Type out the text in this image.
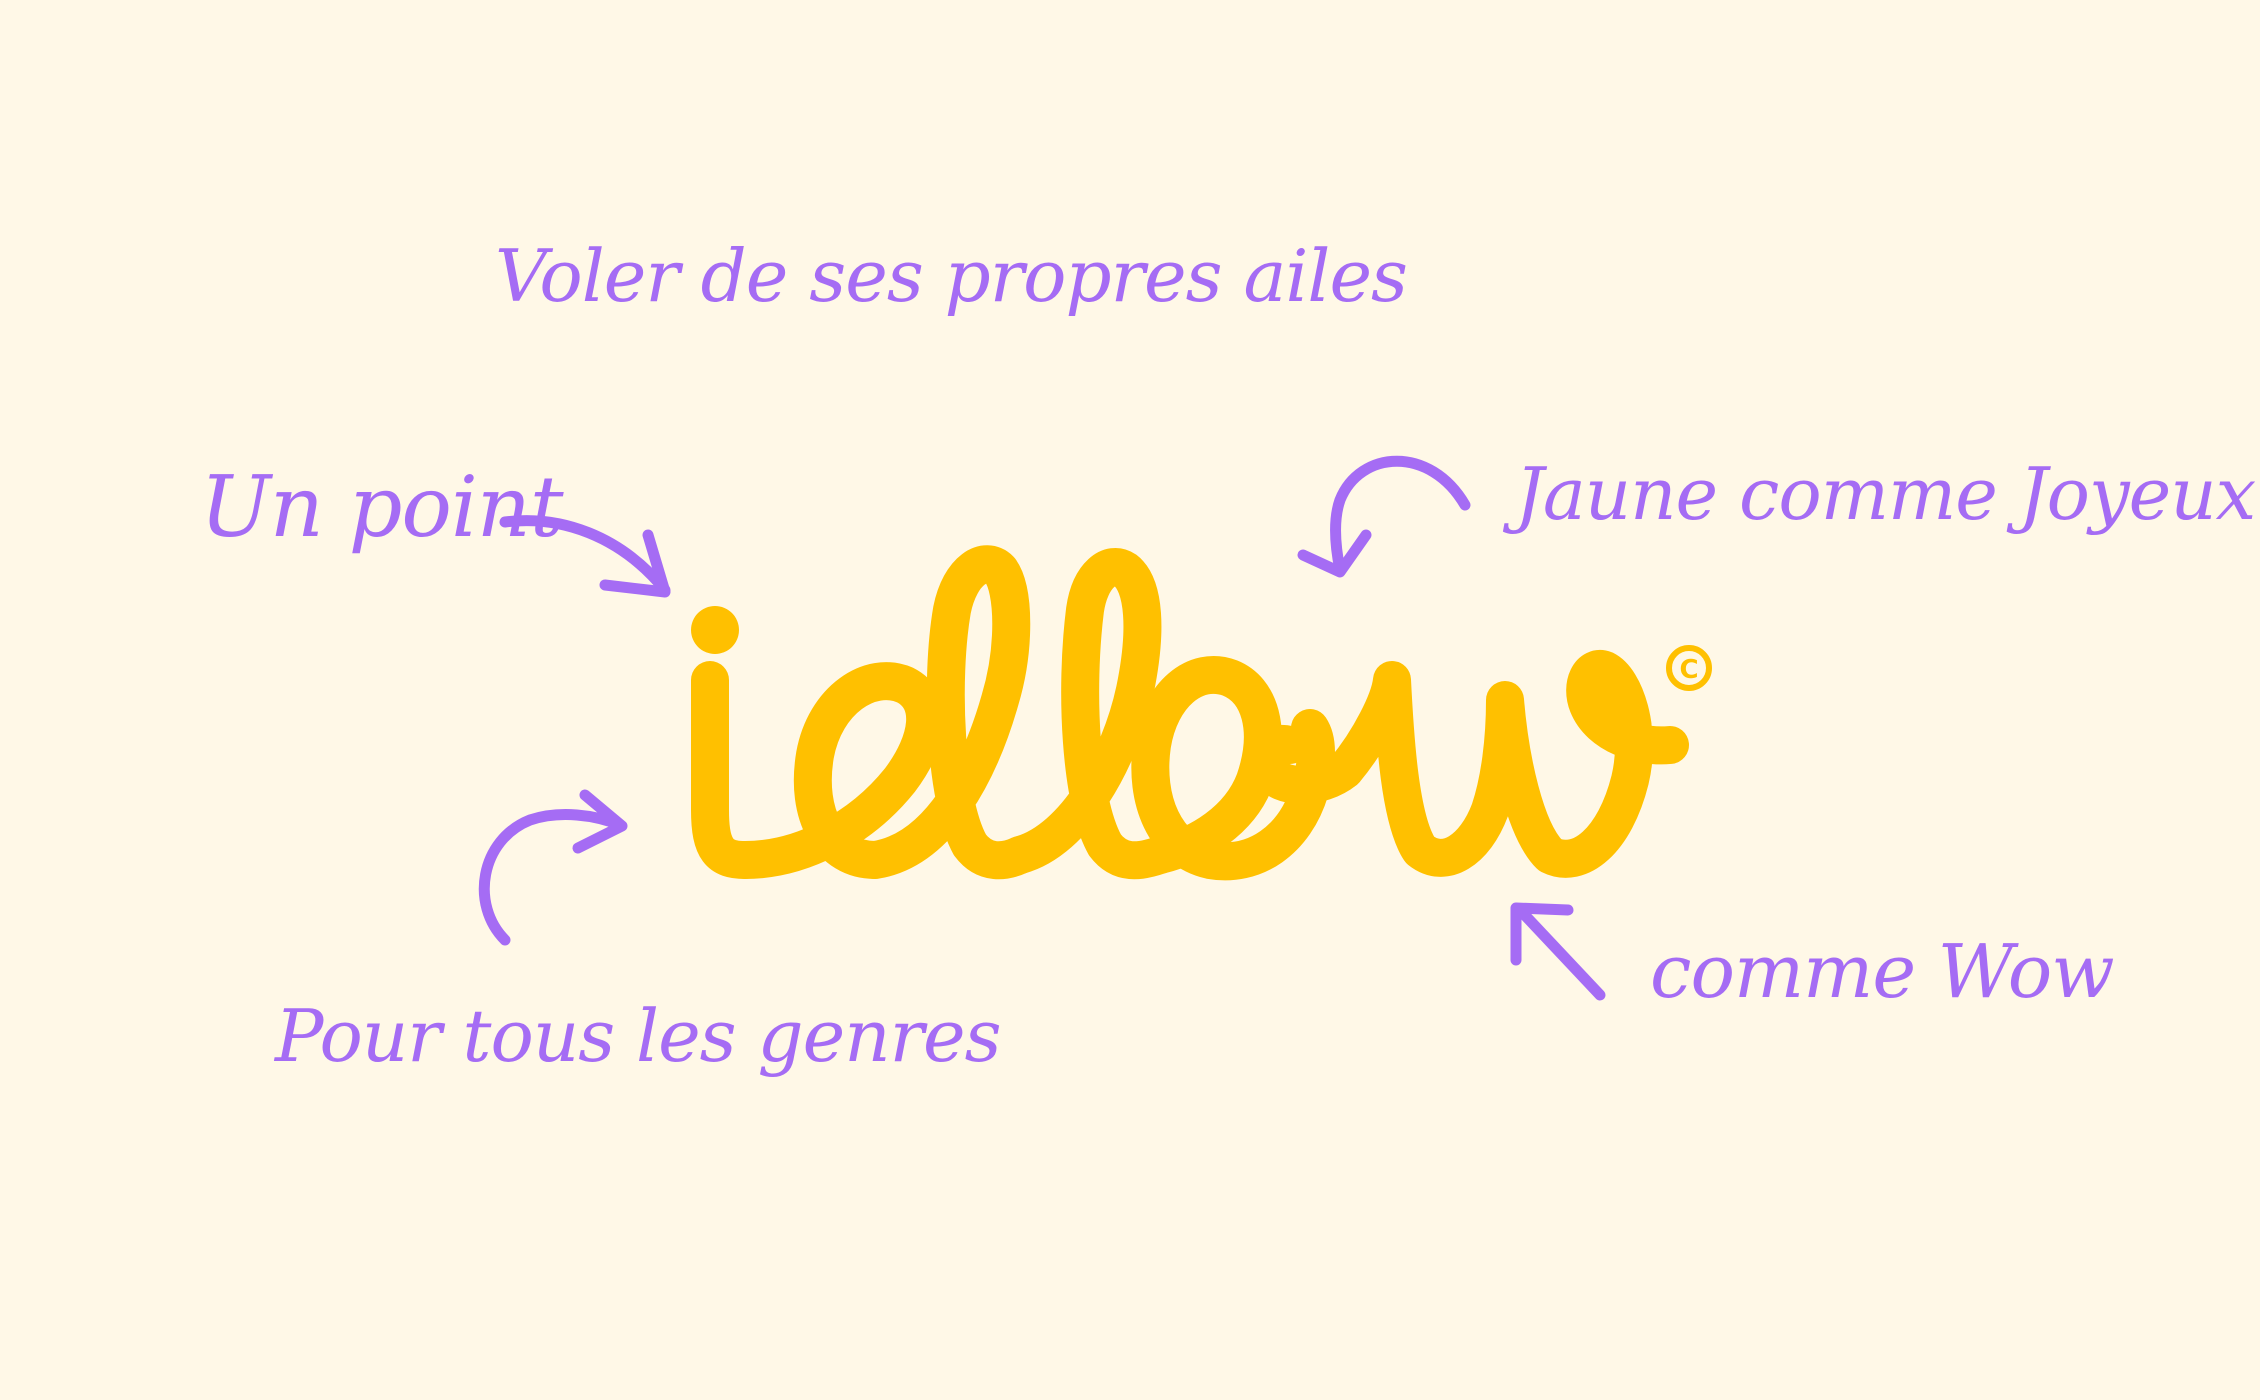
Voler de ses propres ailes
Un point	Jaune comme Joyeux
Pour tous les genres
comme Wow
C
